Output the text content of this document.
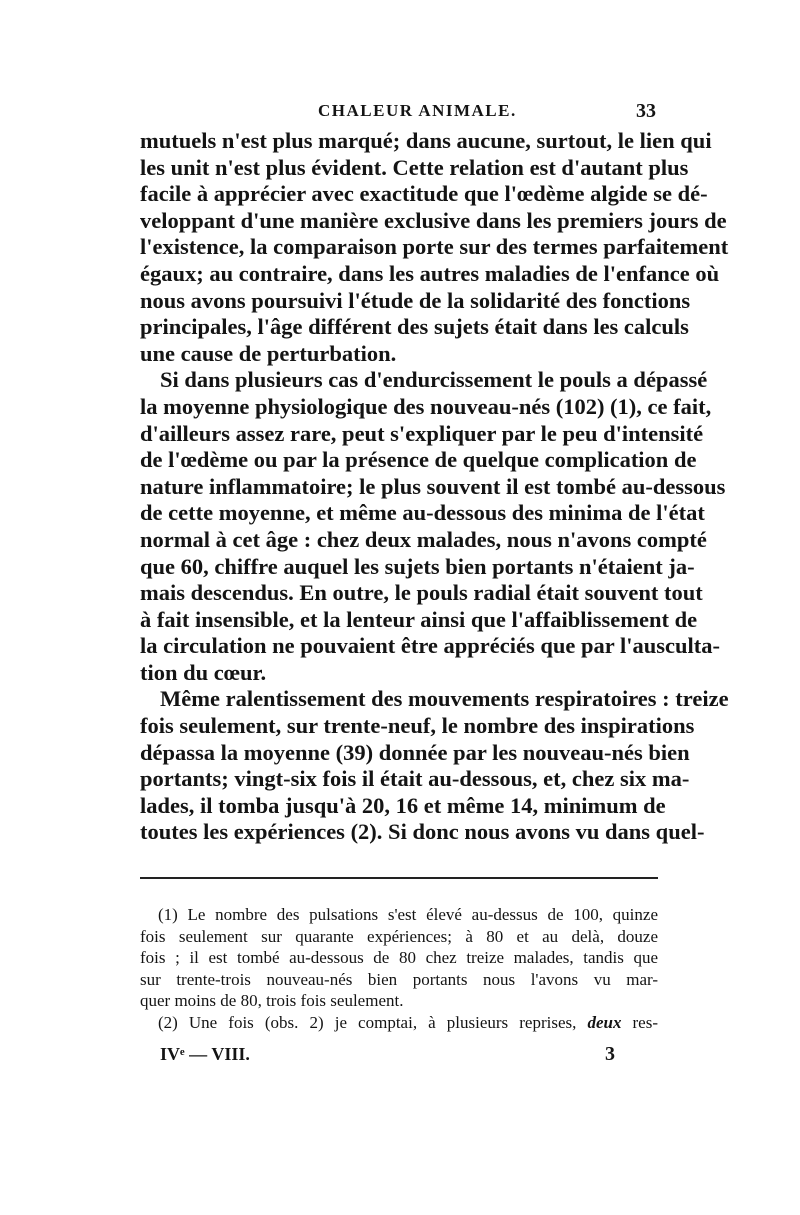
CHALEUR ANIMALE.	33
mutuels n'est plus marqué; dans aucune, surtout, le lien qui
les unit n'est plus évident. Cette relation est d'autant plus
facile à apprécier avec exactitude que l'œdème algide se dé-
veloppant d'une manière exclusive dans les premiers jours de
l'existence, la comparaison porte sur des termes parfaitement
égaux; au contraire, dans les autres maladies de l'enfance où
nous avons poursuivi l'étude de la solidarité des fonctions
principales, l'âge différent des sujets était dans les calculs
une cause de perturbation.
Si dans plusieurs cas d'endurcissement le pouls a dépassé
la moyenne physiologique des nouveau-nés (102) (1), ce fait,
d'ailleurs assez rare, peut s'expliquer par le peu d'intensité
de l'œdème ou par la présence de quelque complication de
nature inflammatoire; le plus souvent il est tombé au-dessous
de cette moyenne, et même au-dessous des minima de l'état
normal à cet âge : chez deux malades, nous n'avons compté
que 60, chiffre auquel les sujets bien portants n'étaient ja-
mais descendus. En outre, le pouls radial était souvent tout
à fait insensible, et la lenteur ainsi que l'affaiblissement de
la circulation ne pouvaient être appréciés que par l'ausculta-
tion du cœur.
Même ralentissement des mouvements respiratoires : treize
fois seulement, sur trente-neuf, le nombre des inspirations
dépassa la moyenne (39) donnée par les nouveau-nés bien
portants; vingt-six fois il était au-dessous, et, chez six ma-
lades, il tomba jusqu'à 20, 16 et même 14, minimum de
toutes les expériences (2). Si donc nous avons vu dans quel-
(1) Le nombre des pulsations s'est élevé au-dessus de 100, quinze
fois seulement sur quarante expériences; à 80 et au delà, douze
fois ; il est tombé au-dessous de 80 chez treize malades, tandis que
sur trente-trois nouveau-nés bien portants nous l'avons vu mar-
quer moins de 80, trois fois seulement.
(2) Une fois (obs. 2) je comptai, à plusieurs reprises, deux res-
IVᵉ — VIII.	3
